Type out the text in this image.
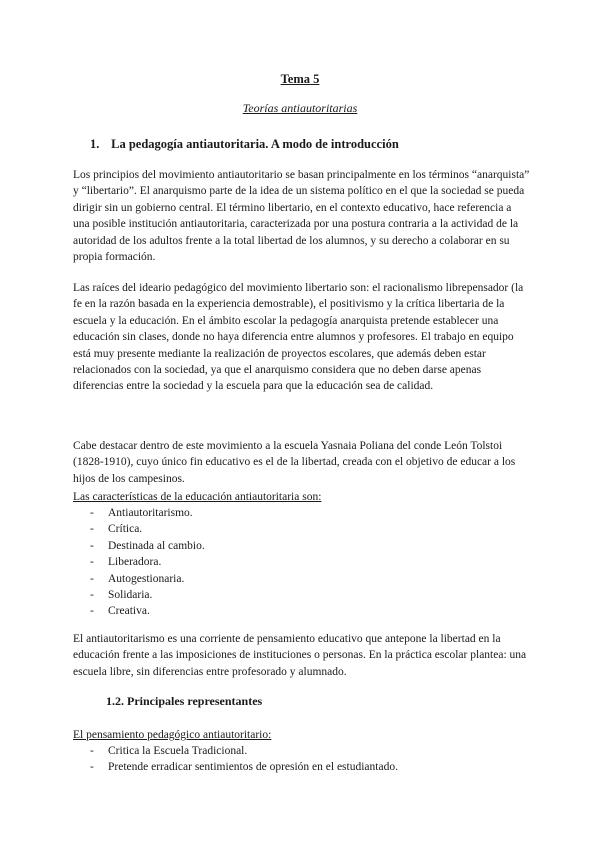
Tema 5
Teorías antiautoritarias
1. La pedagogía antiautoritaria. A modo de introducción

Los principios del movimiento antiautoritario se basan principalmente en los términos “anarquista” y “libertario”. El anarquismo parte de la idea de un sistema político en el que la sociedad se pueda dirigir sin un gobierno central. El término libertario, en el contexto educativo, hace referencia a una posible institución antiautoritaria, caracterizada por una postura contraria a la actividad de la autoridad de los adultos frente a la total libertad de los alumnos, y su derecho a colaborar en su propia formación.

Las raíces del ideario pedagógico del movimiento libertario son: el racionalismo librepensador (la fe en la razón basada en la experiencia demostrable), el positivismo y la crítica libertaria de la escuela y la educación. En el ámbito escolar la pedagogía anarquista pretende establecer una educación sin clases, donde no haya diferencia entre alumnos y profesores. El trabajo en equipo está muy presente mediante la realización de proyectos escolares, que además deben estar relacionados con la sociedad, ya que el anarquismo considera que no deben darse apenas diferencias entre la sociedad y la escuela para que la educación sea de calidad.

Cabe destacar dentro de este movimiento a la escuela Yasnaia Poliana del conde León Tolstoi (1828-1910), cuyo único fin educativo es el de la libertad, creada con el objetivo de educar a los hijos de los campesinos.

Las características de la educación antiautoritaria son:
-	Antiautoritarismo.
-	Crítica.
-	Destinada al cambio.
-	Liberadora.
-	Autogestionaria.
-	Solidaria.
-	Creativa.

El antiautoritarismo es una corriente de pensamiento educativo que antepone la libertad en la educación frente a las imposiciones de instituciones o personas. En la práctica escolar plantea: una escuela libre, sin diferencias entre profesorado y alumnado.

1.2. Principales representantes
El pensamiento pedagógico antiautoritario:
-	Critica la Escuela Tradicional.
-	Pretende erradicar sentimientos de opresión en el estudiantado.
